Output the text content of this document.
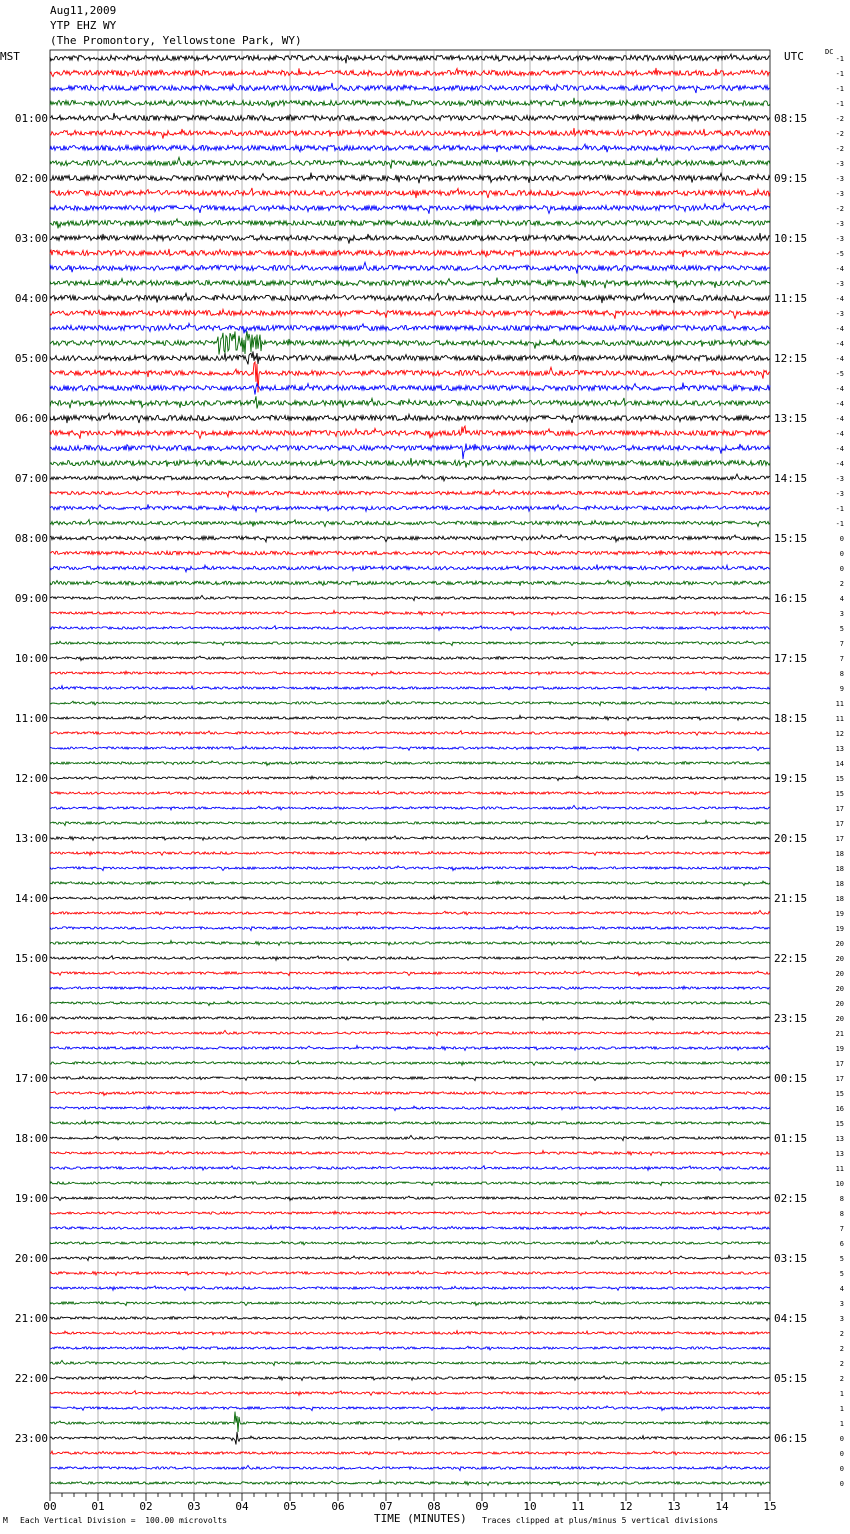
Aug11,2009
YTP EHZ WY
(The Promontory, Yellowstone Park, WY)
MST	UTC	DC
-1
-1
-1
-1
-2
-2
-2
-3
-3
-3
-2
-3
-3
-5
-4
-3
-4
-3
-4
-4
-4
-5
-4
-4
-4
-4
-4
-4
-3
-3
-1
-1
0
0
0
2
4
3
5
7
7
8
9
11
11
12
13
14
15
15
17
17
17
18
18
18
18
19
19
20
20
20
20
20
20
21
19
17
17
15
16
15
13
13
11
10
8
8
7
6
5
5
4
3
3
2
2
2
2
1
1
1
0
0
0
0
01:00
02:00
03:00
04:00
05:00
06:00
07:00
08:00
09:00
10:00
11:00
12:00
13:00
14:00
15:00
16:00
17:00
18:00
19:00
20:00
21:00
22:00
23:00
08:15
09:15
10:15
11:15
12:15
13:15
14:15
15:15
16:15
17:15
18:15
19:15
20:15
21:15
22:15
23:15
00:15
01:15
02:15
03:15
04:15
05:15
06:15
00	01	02	03	04	05	06	07	08	09	10	11	12	13	14	15
M Each Vertical Division =  100.00 microvolts	TIME (MINUTES) Traces clipped at plus/minus 5 vertical divisions
